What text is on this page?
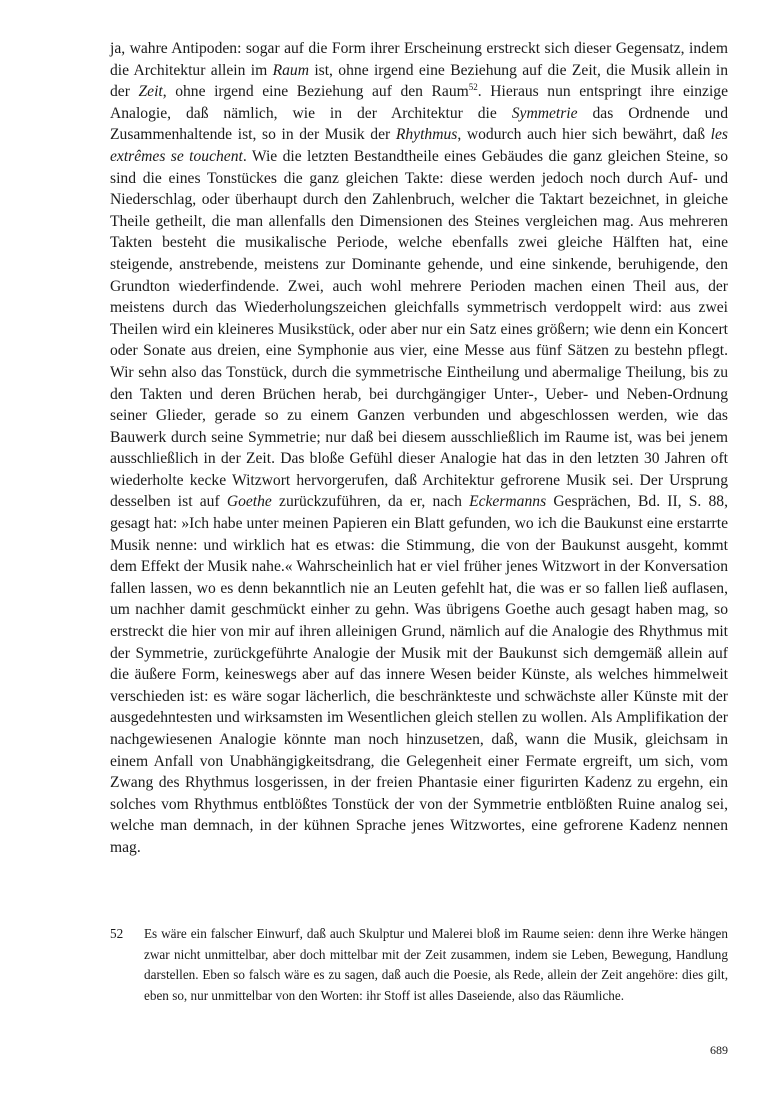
ja, wahre Antipoden: sogar auf die Form ihrer Erscheinung erstreckt sich dieser Gegensatz, indem die Architektur allein im Raum ist, ohne irgend eine Beziehung auf die Zeit, die Musik allein in der Zeit, ohne irgend eine Beziehung auf den Raum$^{52}$. Hieraus nun entspringt ihre einzige Analogie, daß nämlich, wie in der Architektur die Symmetrie das Ordnende und Zusammenhaltende ist, so in der Musik der Rhythmus, wodurch auch hier sich bewährt, daß les extrêmes se touchent. Wie die letzten Bestandtheile eines Gebäudes die ganz gleichen Steine, so sind die eines Tonstückes die ganz gleichen Takte: diese werden jedoch noch durch Auf- und Niederschlag, oder überhaupt durch den Zahlenbruch, welcher die Taktart bezeichnet, in gleiche Theile getheilt, die man allenfalls den Dimensionen des Steines vergleichen mag. Aus mehreren Takten besteht die musikalische Periode, welche ebenfalls zwei gleiche Hälften hat, eine steigende, anstrebende, meistens zur Dominante gehende, und eine sinkende, beruhigende, den Grundton wiederfindende. Zwei, auch wohl mehrere Perioden machen einen Theil aus, der meistens durch das Wiederholungszeichen gleichfalls symmetrisch verdoppelt wird: aus zwei Theilen wird ein kleineres Musikstück, oder aber nur ein Satz eines größern; wie denn ein Koncert oder Sonate aus dreien, eine Symphonie aus vier, eine Messe aus fünf Sätzen zu bestehn pflegt. Wir sehn also das Tonstück, durch die symmetrische Eintheilung und abermalige Theilung, bis zu den Takten und deren Brüchen herab, bei durchgängiger Unter-, Ueber- und Neben-Ordnung seiner Glieder, gerade so zu einem Ganzen verbunden und abgeschlossen werden, wie das Bauwerk durch seine Symmetrie; nur daß bei diesem ausschließlich im Raume ist, was bei jenem ausschließlich in der Zeit. Das bloße Gefühl dieser Analogie hat das in den letzten 30 Jahren oft wiederholte kecke Witzwort hervorgerufen, daß Architektur gefrorene Musik sei. Der Ursprung desselben ist auf Goethe zurückzuführen, da er, nach Eckermanns Gesprächen, Bd. II, S. 88, gesagt hat: »Ich habe unter meinen Papieren ein Blatt gefunden, wo ich die Baukunst eine erstarrte Musik nenne: und wirklich hat es etwas: die Stimmung, die von der Baukunst ausgeht, kommt dem Effekt der Musik nahe.« Wahrscheinlich hat er viel früher jenes Witzwort in der Konversation fallen lassen, wo es denn bekanntlich nie an Leuten gefehlt hat, die was er so fallen ließ auflasen, um nachher damit geschmückt einher zu gehn. Was übrigens Goethe auch gesagt haben mag, so erstreckt die hier von mir auf ihren alleinigen Grund, nämlich auf die Analogie des Rhythmus mit der Symmetrie, zurückgeführte Analogie der Musik mit der Baukunst sich demgemäß allein auf die äußere Form, keineswegs aber auf das innere Wesen beider Künste, als welches himmelweit verschieden ist: es wäre sogar lächerlich, die beschränkteste und schwächste aller Künste mit der ausgedehntesten und wirksamsten im Wesentlichen gleich stellen zu wollen. Als Amplifikation der nachgewiesenen Analogie könnte man noch hinzusetzen, daß, wann die Musik, gleichsam in einem Anfall von Unabhängigkeitsdrang, die Gelegenheit einer Fermate ergreift, um sich, vom Zwang des Rhythmus losgerissen, in der freien Phantasie einer figurirten Kadenz zu ergehn, ein solches vom Rhythmus entblößtes Tonstück der von der Symmetrie entblößten Ruine analog sei, welche man demnach, in der kühnen Sprache jenes Witzwortes, eine gefrorene Kadenz nennen mag.

52	Es wäre ein falscher Einwurf, daß auch Skulptur und Malerei bloß im Raume seien: denn ihre Werke hängen zwar nicht unmittelbar, aber doch mittelbar mit der Zeit zusammen, indem sie Leben, Bewegung, Handlung darstellen. Eben so falsch wäre es zu sagen, daß auch die Poesie, als Rede, allein der Zeit angehöre: dies gilt, eben so, nur unmittelbar von den Worten: ihr Stoff ist alles Daseiende, also das Räumliche.

689
